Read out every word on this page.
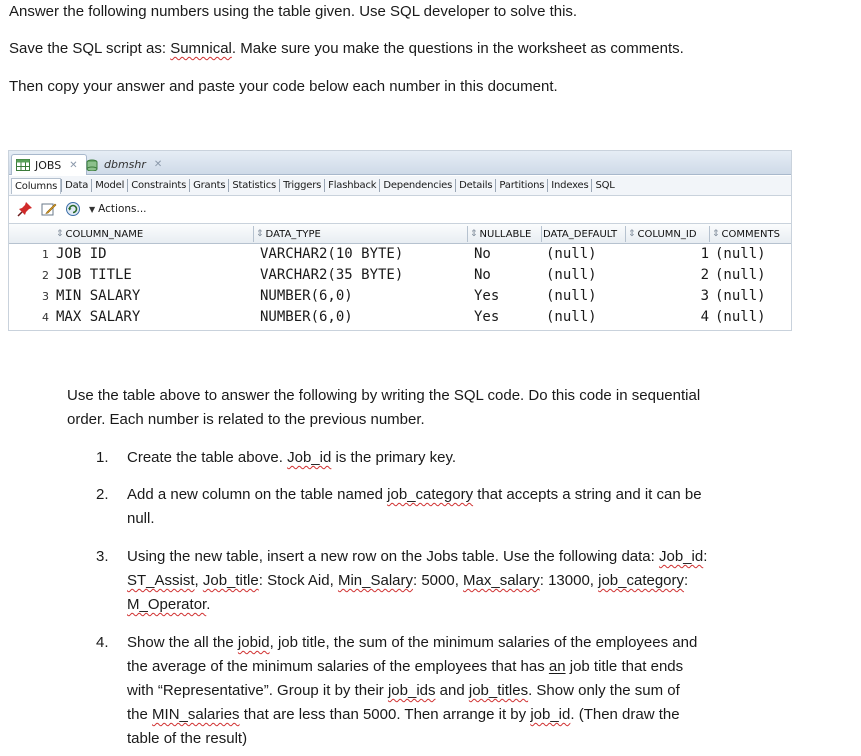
Answer the following numbers using the table given. Use SQL developer to solve this.
Save the SQL script as: Sumnical. Make sure you make the questions in the worksheet as comments.
Then copy your answer and paste your code below each number in this document.
JOBS ✕ dbmshr ✕
Columns Data Model Constraints Grants Statistics Triggers Flashback Dependencies Details Partitions Indexes SQL
▼ Actions...
⇕ COLUMN_NAME	⇕ DATA_TYPE	⇕ NULLABLE DATA_DEFAULT ⇕ COLUMN_ID ⇕ COMMENTS
1 JOB ID	VARCHAR2(10 BYTE)	No	(null)	1 (null)
2 JOB TITLE	VARCHAR2(35 BYTE)	No	(null)	2 (null)
3 MIN SALARY	NUMBER(6,0)	Yes	(null)	3 (null)
4 MAX SALARY	NUMBER(6,0)	Yes	(null)	4 (null)
Use the table above to answer the following by writing the SQL code. Do this code in sequential
order. Each number is related to the previous number.
1. Create the table above. Job_id is the primary key.
2. Add a new column on the table named job_category that accepts a string and it can be
null.
3. Using the new table, insert a new row on the Jobs table. Use the following data: Job_id:
ST_Assist, Job_title: Stock Aid, Min_Salary: 5000, Max_salary: 13000, job_category:
M_Operator.
4. Show the all the jobid, job title, the sum of the minimum salaries of the employees and
the average of the minimum salaries of the employees that has an job title that ends
with “Representative”. Group it by their job_ids and job_titles. Show only the sum of
the MIN_salaries that are less than 5000. Then arrange it by job_id. (Then draw the
table of the result)
